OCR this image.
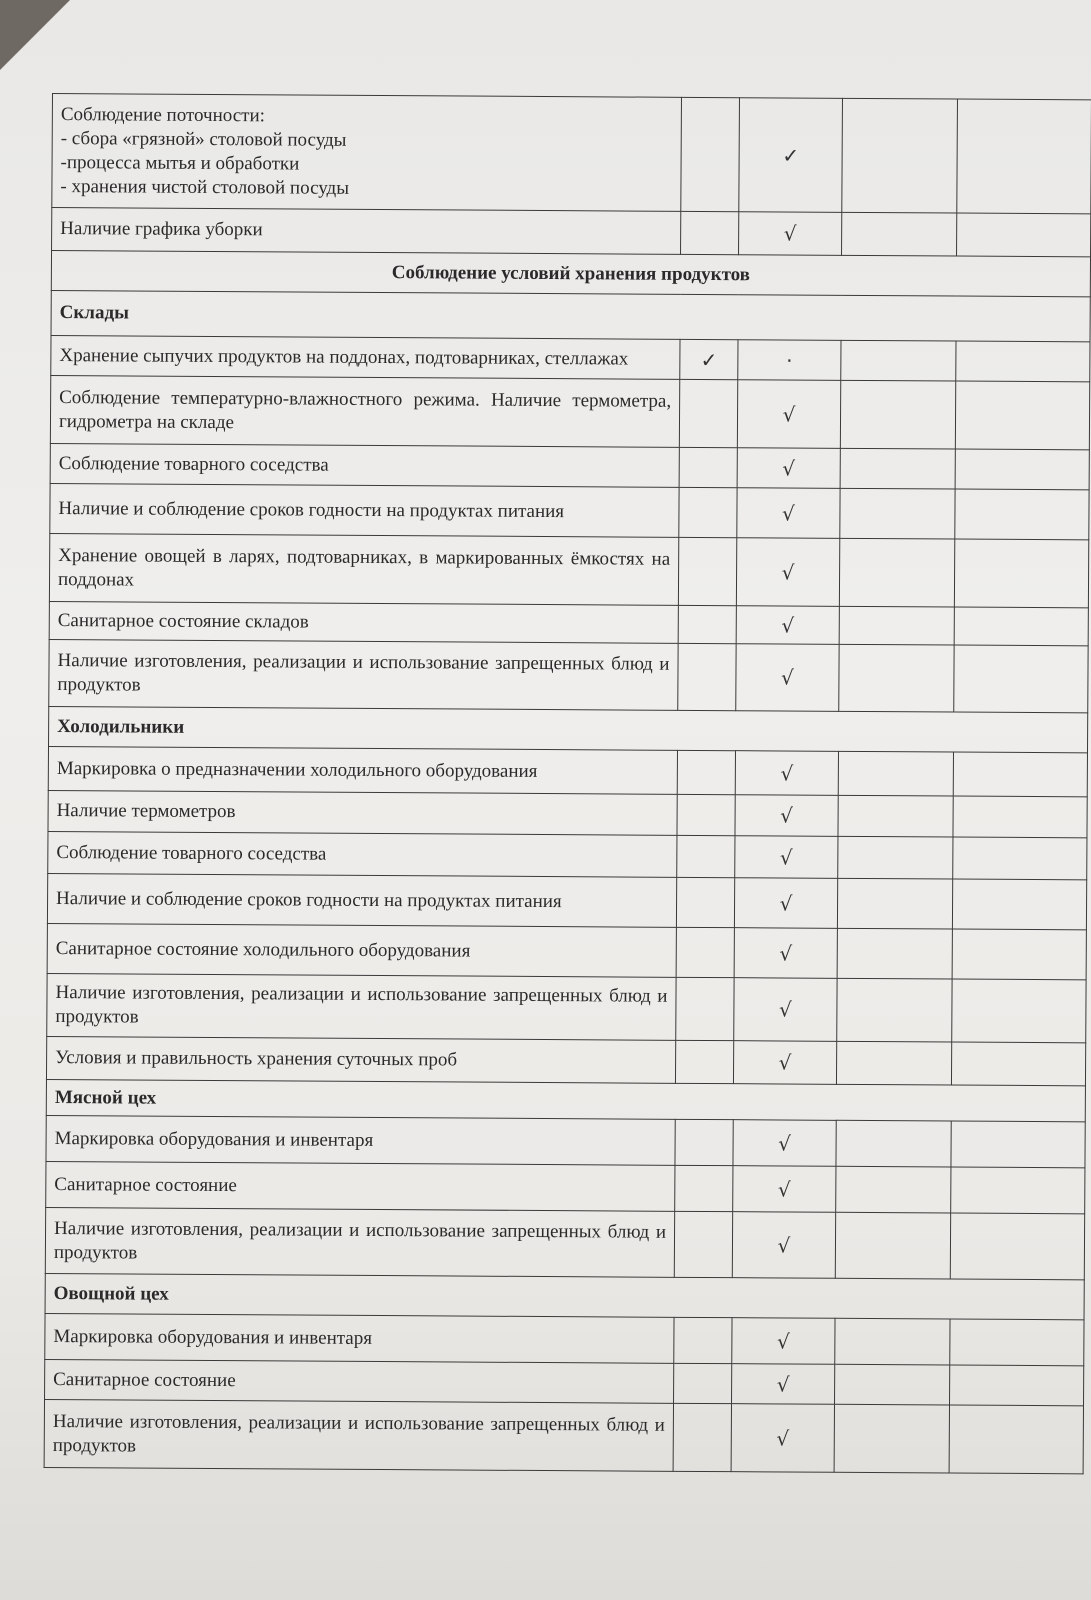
Соблюдение поточности:
- сбора «грязной» столовой посуды
-процесса мытья и обработки
- хранения чистой столовой посуды		✓		

Наличие графика уборки		√		
Соблюдение условий хранения продуктов				
Склады				

Хранение сыпучих продуктов на поддонах, подтоварниках, стеллажах	✓	·		

Соблюдение температурно-влажностного режима. Наличие термометра, гидрометра на складе		√		

Соблюдение товарного соседства		√		

Наличие и соблюдение сроков годности на продуктах питания		√		

Хранение овощей в ларях, подтоварниках, в маркированных ёмкостях на поддонах		√		

Санитарное состояние складов		√		

Наличие изготовления, реализации и использование запрещенных блюд и продуктов		√		
Холодильники				

Маркировка о предназначении холодильного оборудования		√		

Наличие термометров		√		

Соблюдение товарного соседства		√		

Наличие и соблюдение сроков годности на продуктах питания		√		

Санитарное состояние холодильного оборудования		√		

Наличие изготовления, реализации и использование запрещенных блюд и продуктов		√		

Условия и правильность хранения суточных проб		√		
Мясной цех				

Маркировка оборудования и инвентаря		√		

Санитарное состояние		√		

Наличие изготовления, реализации и использование запрещенных блюд и продуктов		√		
Овощной цех				

Маркировка оборудования и инвентаря		√		

Санитарное состояние		√		

Наличие изготовления, реализации и использование запрещенных блюд и продуктов		√		
